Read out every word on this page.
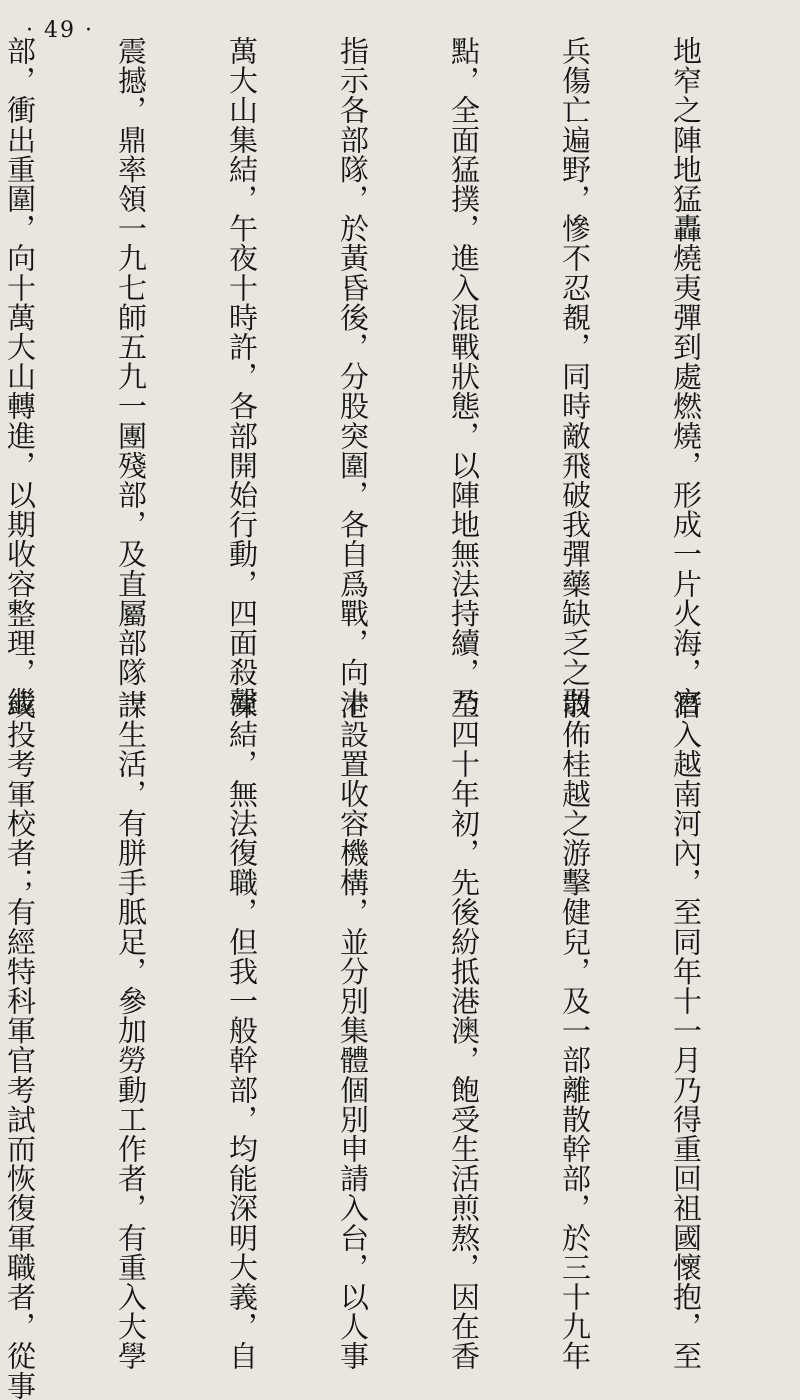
· 49 ·

地窄之陣地猛轟燒夷彈到處燃燒，形成一片火海，官

兵傷亡遍野，慘不忍覩，同時敵飛破我彈藥缺乏之弱

點，全面猛撲，進入混戰狀態，以陣地無法持續，乃

指示各部隊，於黃昏後，分股突圍，各自爲戰，向十

萬大山集結，午夜十時許，各部開始行動，四面殺聲

震撼，鼎率領一九七師五九一團殘部，及直屬部隊一

部，衝出重圍，向十萬大山轉進，以期收容整理，繼

潛入越南河內，至同年十一月乃得重回祖國懷抱，至

散佈桂越之游擊健兒，及一部離散幹部，於三十九年

至四十年初，先後紛抵港澳，飽受生活煎熬，因在香

港設置收容機構，並分別集體個別申請入台，以人事

凍結，無法復職，但我一般幹部，均能深明大義，自

謀生活，有胼手胝足，參加勞動工作者，有重入大學

或投考軍校者；有經特科軍官考試而恢復軍職者，從事
